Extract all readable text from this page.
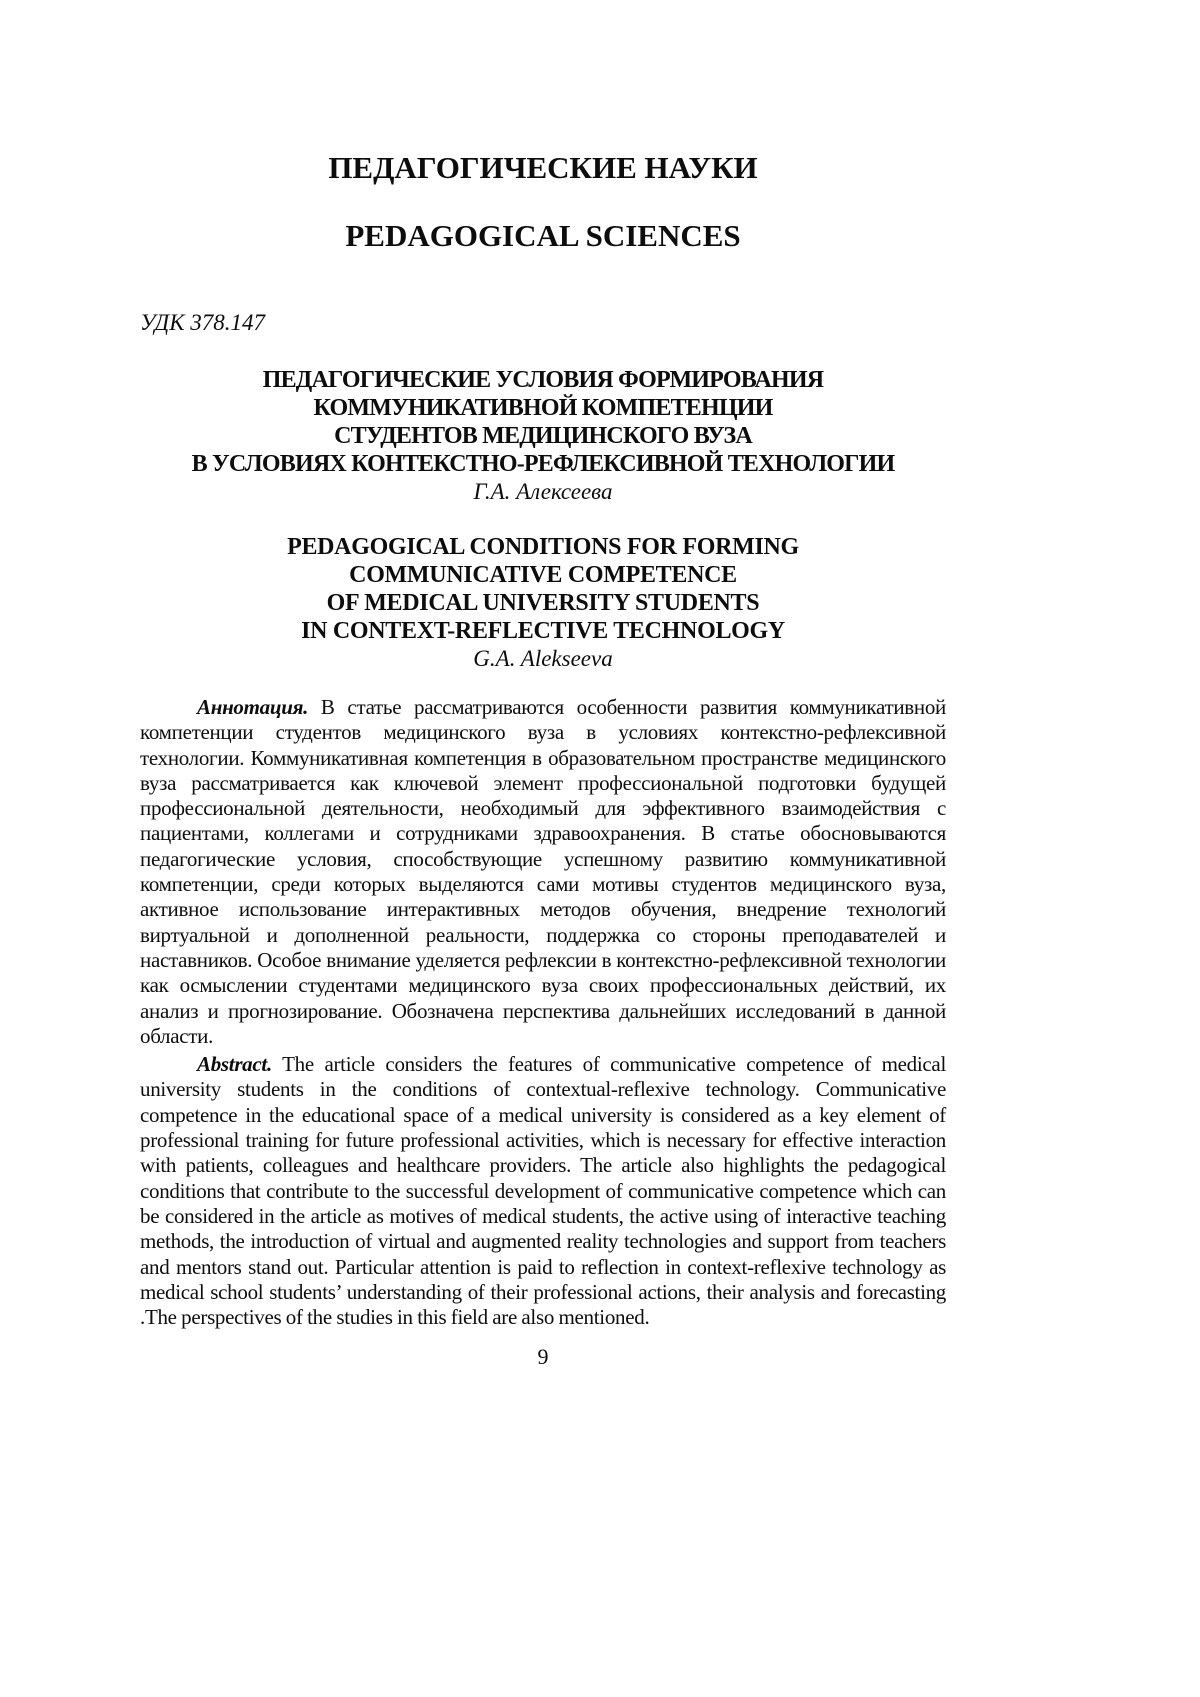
ПЕДАГОГИЧЕСКИЕ НАУКИ
PEDAGOGICAL SCIENCES
УДК 378.147
ПЕДАГОГИЧЕСКИЕ УСЛОВИЯ ФОРМИРОВАНИЯ
КОММУНИКАТИВНОЙ КОМПЕТЕНЦИИ
СТУДЕНТОВ МЕДИЦИНСКОГО ВУЗА
В УСЛОВИЯХ КОНТЕКСТНО-РЕФЛЕКСИВНОЙ ТЕХНОЛОГИИ
Г.А. Алексеева
PEDAGOGICAL CONDITIONS FOR FORMING
COMMUNICATIVE COMPETENCE
OF MEDICAL UNIVERSITY STUDENTS
IN CONTEXT-REFLECTIVE TECHNOLOGY
G.A. Alekseeva

Аннотация. В статье рассматриваются особенности развития коммуникативной компетенции студентов медицинского вуза в условиях контекстно-рефлексивной технологии. Коммуникативная компетенция в образовательном пространстве медицинского вуза рассматривается как ключевой элемент профессиональной подготовки будущей профессиональной деятельности, необходимый для эффективного взаимодействия с пациентами, коллегами и сотрудниками здравоохранения. В статье обосновываются педагогические условия, способствующие успешному развитию коммуникативной компетенции, среди которых выделяются сами мотивы студентов медицинского вуза, активное использование интерактивных методов обучения, внедрение технологий виртуальной и дополненной реальности, поддержка со стороны преподавателей и наставников. Особое внимание уделяется рефлексии в контекстно-рефлексивной технологии как осмыслении студентами медицинского вуза своих профессиональных действий, их анализ и прогнозирование. Обозначена перспектива дальнейших исследований в данной области.

Abstract. The article considers the features of communicative competence of medical university students in the conditions of contextual-reflexive technology. Communicative competence in the educational space of a medical university is considered as a key element of professional training for future professional activities, which is necessary for effective interaction with patients, colleagues and healthcare providers. The article also highlights the pedagogical conditions that contribute to the successful development of communicative competence which can be considered in the article as motives of medical students, the active using of interactive teaching methods, the introduction of virtual and augmented reality technologies and support from teachers and mentors stand out. Particular attention is paid to reflection in context-reflexive technology as medical school students’ understanding of their professional actions, their analysis and forecasting .The perspectives of the studies in this field are also mentioned.

9
